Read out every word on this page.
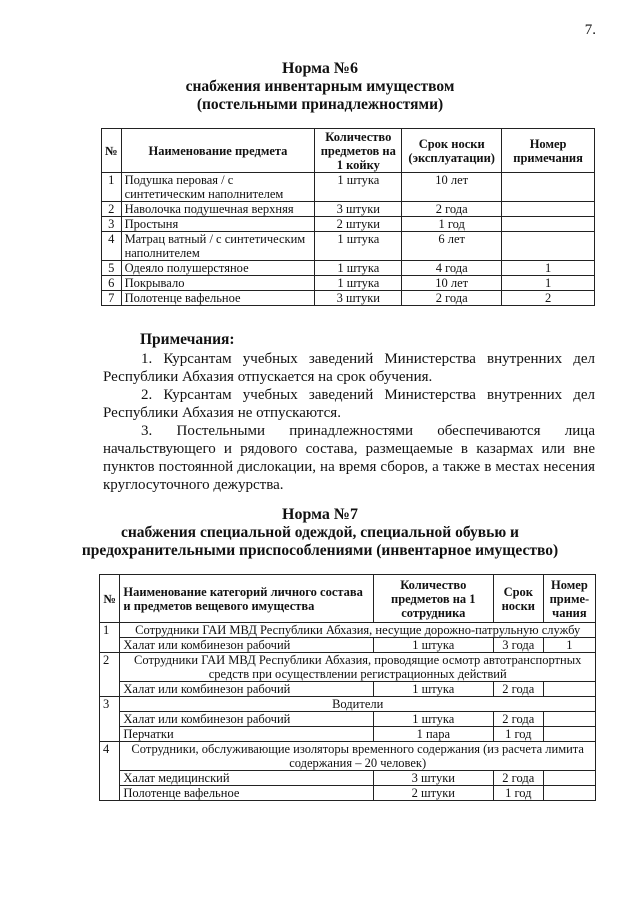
7.
Норма №6
снабжения инвентарным имуществом
(постельными принадлежностями)
№	Наименование предмета	Количество предметов на 1 койку	Срок носки (эксплуатации)	Номер примечания
1	Подушка перовая / с синтетическим наполнителем	1 штука	10 лет	
2	Наволочка подушечная верхняя	3 штуки	2 года	
3	Простыня	2 штуки	1 год	
4	Матрац ватный / с синтетическим наполнителем	1 штука	6 лет	
5	Одеяло полушерстяное	1 штука	4 года	1
6	Покрывало	1 штука	10 лет	1
7	Полотенце вафельное	3 штуки	2 года	2
Примечания:

1. Курсантам учебных заведений Министерства внутренних дел Республики Абхазия отпускается на срок обучения.

2. Курсантам учебных заведений Министерства внутренних дел Республики Абхазия не отпускаются.

3. Постельными принадлежностями обеспечиваются лица начальствующего и рядового состава, размещаемые в казармах или вне пунктов постоянной дислокации, на время сборов, а также в местах несения круглосуточного дежурства.

Норма №7
снабжения специальной одеждой, специальной обувью и
предохранительными приспособлениями (инвентарное имущество)
№	Наименование категорий личного состава и предметов вещевого имущества	Количество предметов на 1 сотрудника	Срок носки	Номер приме-чания
1	Сотрудники ГАИ МВД Республики Абхазия, несущие дорожно-патрульную службу			
	Халат или комбинезон рабочий	1 штука	3 года	1
2	Сотрудники ГАИ МВД Республики Абхазия, проводящие осмотр автотранспортных средств при осуществлении регистрационных действий			
	Халат или комбинезон рабочий	1 штука	2 года	
3	Водители			
	Халат или комбинезон рабочий	1 штука	2 года	
	Перчатки	1 пара	1 год	
4	Сотрудники, обслуживающие изоляторы временного содержания (из расчета лимита содержания – 20 человек)			
	Халат медицинский	3 штуки	2 года	
	Полотенце вафельное	2 штуки	1 год	
